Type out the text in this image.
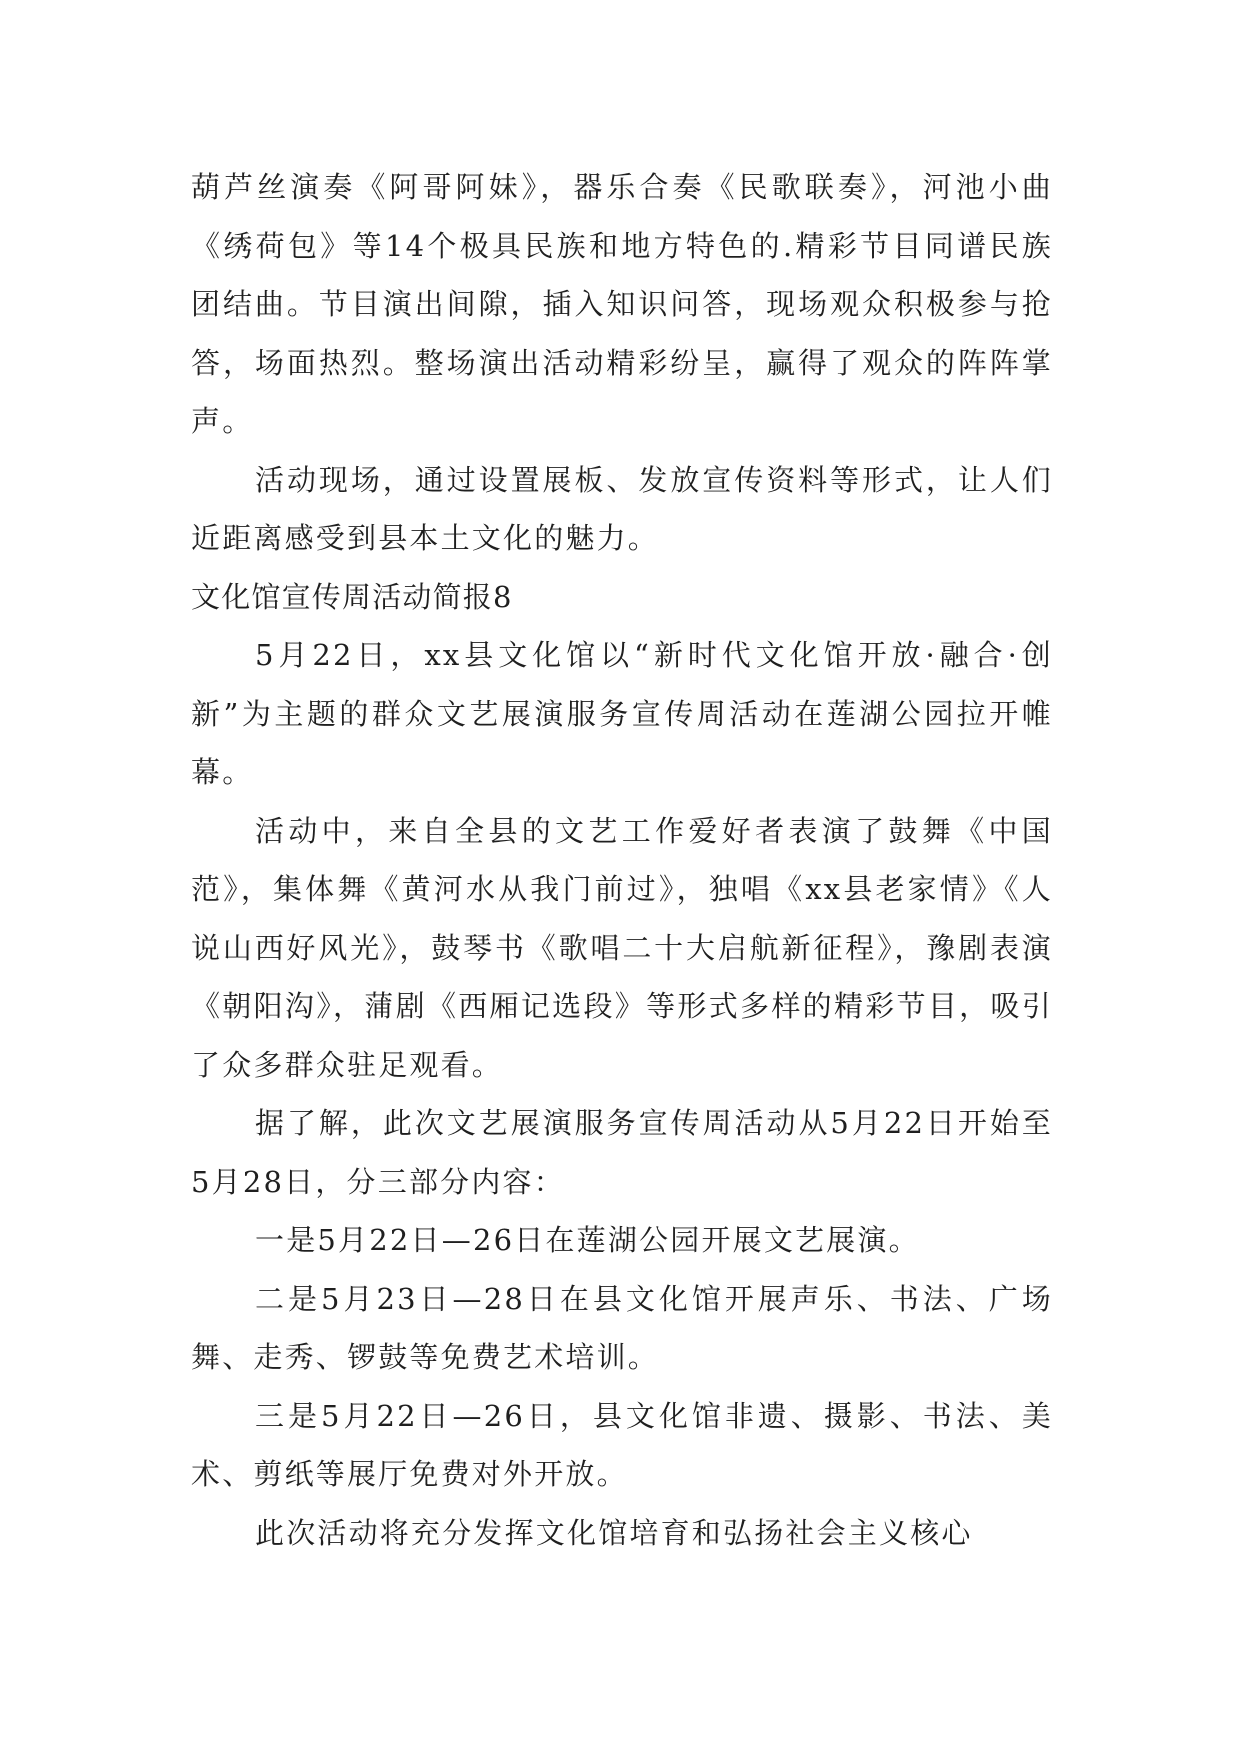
葫芦丝演奏《阿哥阿妹》，器乐合奏《民歌联奏》，河池小曲《绣荷包》等14个极具民族和地方特色的.精彩节目同谱民族团结曲。节目演出间隙，插入知识问答，现场观众积极参与抢答，场面热烈。整场演出活动精彩纷呈，赢得了观众的阵阵掌声。

活动现场，通过设置展板、发放宣传资料等形式，让人们近距离感受到县本土文化的魅力。

文化馆宣传周活动简报8

5月22日，xx县文化馆以“新时代文化馆开放·融合·创新”为主题的群众文艺展演服务宣传周活动在莲湖公园拉开帷幕。

活动中，来自全县的文艺工作爱好者表演了鼓舞《中国范》，集体舞《黄河水从我门前过》，独唱《xx县老家情》《人说山西好风光》，鼓琴书《歌唱二十大启航新征程》，豫剧表演《朝阳沟》，蒲剧《西厢记选段》等形式多样的精彩节目，吸引了众多群众驻足观看。

据了解，此次文艺展演服务宣传周活动从5月22日开始至5月28日，分三部分内容：

一是5月22日—26日在莲湖公园开展文艺展演。

二是5月23日—28日在县文化馆开展声乐、书法、广场舞、走秀、锣鼓等免费艺术培训。

三是5月22日—26日，县文化馆非遗、摄影、书法、美术、剪纸等展厅免费对外开放。

此次活动将充分发挥文化馆培育和弘扬社会主义核心
